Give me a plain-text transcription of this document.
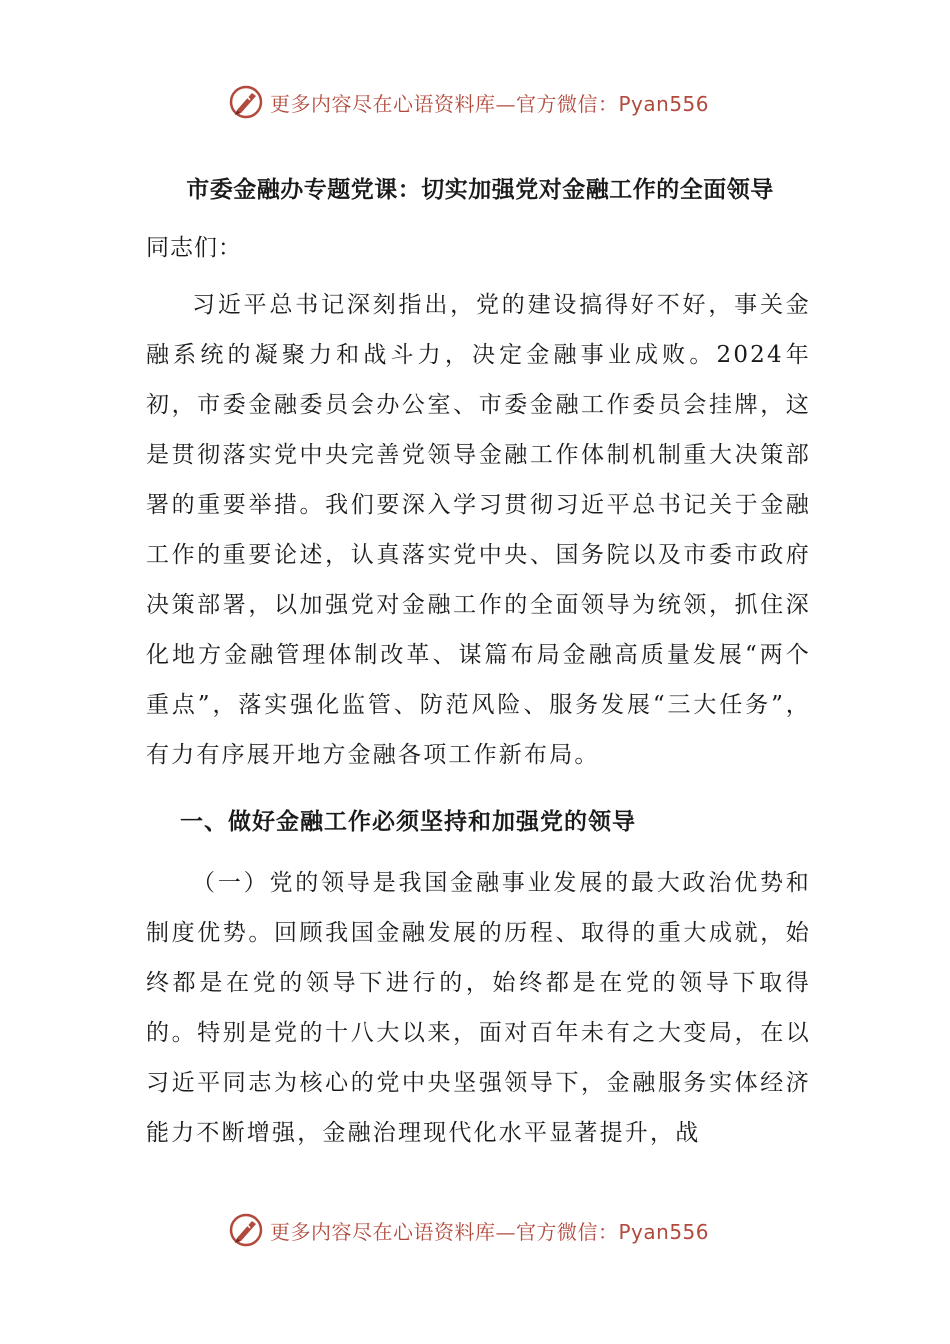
更多内容尽在心语资料库—官方微信：Pyan556
市委金融办专题党课：切实加强党对金融工作的全面领导
同志们：

习近平总书记深刻指出，党的建设搞得好不好，事关金融系统的凝聚力和战斗力，决定金融事业成败。2024年初，市委金融委员会办公室、市委金融工作委员会挂牌，这是贯彻落实党中央完善党领导金融工作体制机制重大决策部署的重要举措。我们要深入学习贯彻习近平总书记关于金融工作的重要论述，认真落实党中央、国务院以及市委市政府决策部署，以加强党对金融工作的全面领导为统领，抓住深化地方金融管理体制改革、谋篇布局金融高质量发展“两个重点”，落实强化监管、防范风险、服务发展“三大任务”，有力有序展开地方金融各项工作新布局。

一、做好金融工作必须坚持和加强党的领导

（一）党的领导是我国金融事业发展的最大政治优势和制度优势。回顾我国金融发展的历程、取得的重大成就，始终都是在党的领导下进行的，始终都是在党的领导下取得的。特别是党的十八大以来，面对百年未有之大变局，在以习近平同志为核心的党中央坚强领导下，金融服务实体经济能力不断增强，金融治理现代化水平显著提升，战

更多内容尽在心语资料库—官方微信：Pyan556
